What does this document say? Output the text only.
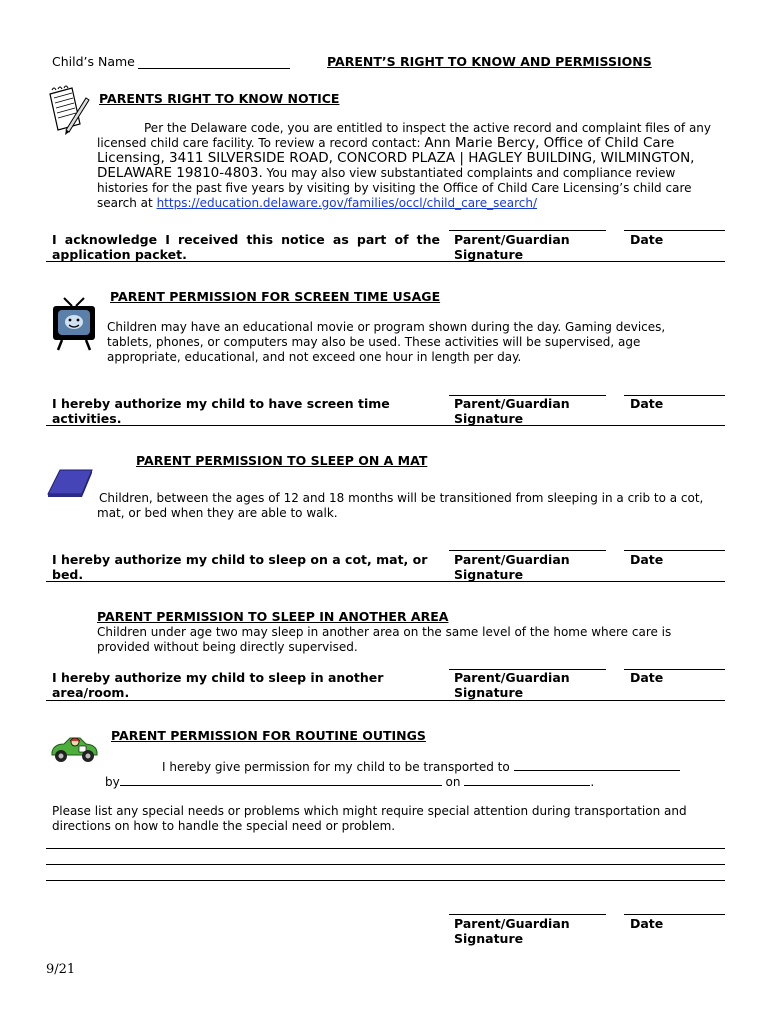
Child’s Name	PARENT’S RIGHT TO KNOW AND PERMISSIONS
PARENTS RIGHT TO KNOW NOTICE
Per the Delaware code, you are entitled to inspect the active record and complaint files of any licensed child care facility. To review a record contact: Ann Marie Bercy, Office of Child Care Licensing, 3411 SILVERSIDE ROAD, CONCORD PLAZA | HAGLEY BUILDING, WILMINGTON, DELAWARE 19810-4803. You may also view substantiated complaints and compliance review histories for the past five years by visiting by visiting the Office of Child Care Licensing’s child care search at https://education.delaware.gov/families/occl/child_care_search/
I acknowledge I received this notice as part of the application packet.
Parent/Guardian Signature
Date
PARENT PERMISSION FOR SCREEN TIME USAGE
Children may have an educational movie or program shown during the day. Gaming devices, tablets, phones, or computers may also be used. These activities will be supervised, age appropriate, educational, and not exceed one hour in length per day.
I hereby authorize my child to have screen time activities.
Parent/Guardian Signature
Date
PARENT PERMISSION TO SLEEP ON A MAT
Children, between the ages of 12 and 18 months will be transitioned from sleeping in a crib to a cot, mat, or bed when they are able to walk.
I hereby authorize my child to sleep on a cot, mat, or bed.
Parent/Guardian Signature
Date
PARENT PERMISSION TO SLEEP IN ANOTHER AREA
Children under age two may sleep in another area on the same level of the home where care is provided without being directly supervised.
I hereby authorize my child to sleep in another area/room.
Parent/Guardian Signature
Date
PARENT PERMISSION FOR ROUTINE OUTINGS
I hereby give permission for my child to be transported to
by	on	.
Please list any special needs or problems which might require special attention during transportation and directions on how to handle the special need or problem.
Parent/Guardian Signature
Date
9/21
